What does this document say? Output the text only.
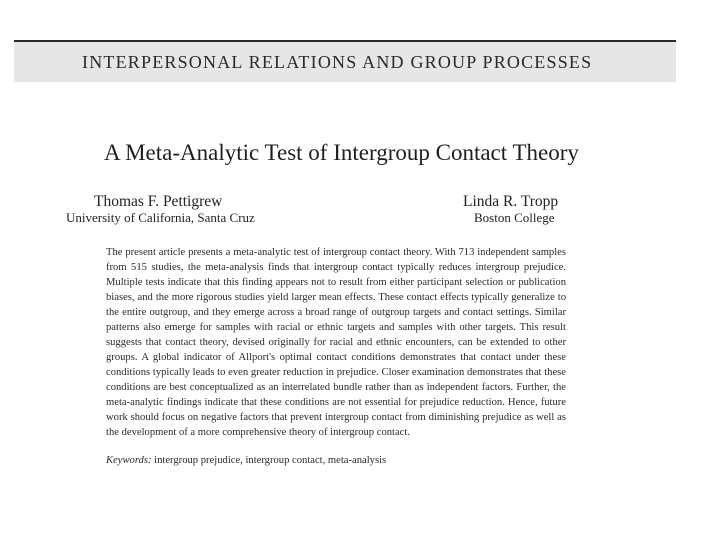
INTERPERSONAL RELATIONS AND GROUP PROCESSES
A Meta-Analytic Test of Intergroup Contact Theory
Thomas F. Pettigrew
University of California, Santa Cruz
Linda R. Tropp
Boston College
The present article presents a meta-analytic test of intergroup contact theory. With 713 independent samples
from 515 studies, the meta-analysis finds that intergroup contact typically reduces intergroup prejudice.
Multiple tests indicate that this finding appears not to result from either participant selection or publication
biases, and the more rigorous studies yield larger mean effects. These contact effects typically generalize to
the entire outgroup, and they emerge across a broad range of outgroup targets and contact settings. Similar
patterns also emerge for samples with racial or ethnic targets and samples with other targets. This result
suggests that contact theory, devised originally for racial and ethnic encounters, can be extended to other
groups. A global indicator of Allport's optimal contact conditions demonstrates that contact under these
conditions typically leads to even greater reduction in prejudice. Closer examination demonstrates that these
conditions are best conceptualized as an interrelated bundle rather than as independent factors. Further, the
meta-analytic findings indicate that these conditions are not essential for prejudice reduction. Hence, future
work should focus on negative factors that prevent intergroup contact from diminishing prejudice as well as
the development of a more comprehensive theory of intergroup contact.
Keywords: intergroup prejudice, intergroup contact, meta-analysis
